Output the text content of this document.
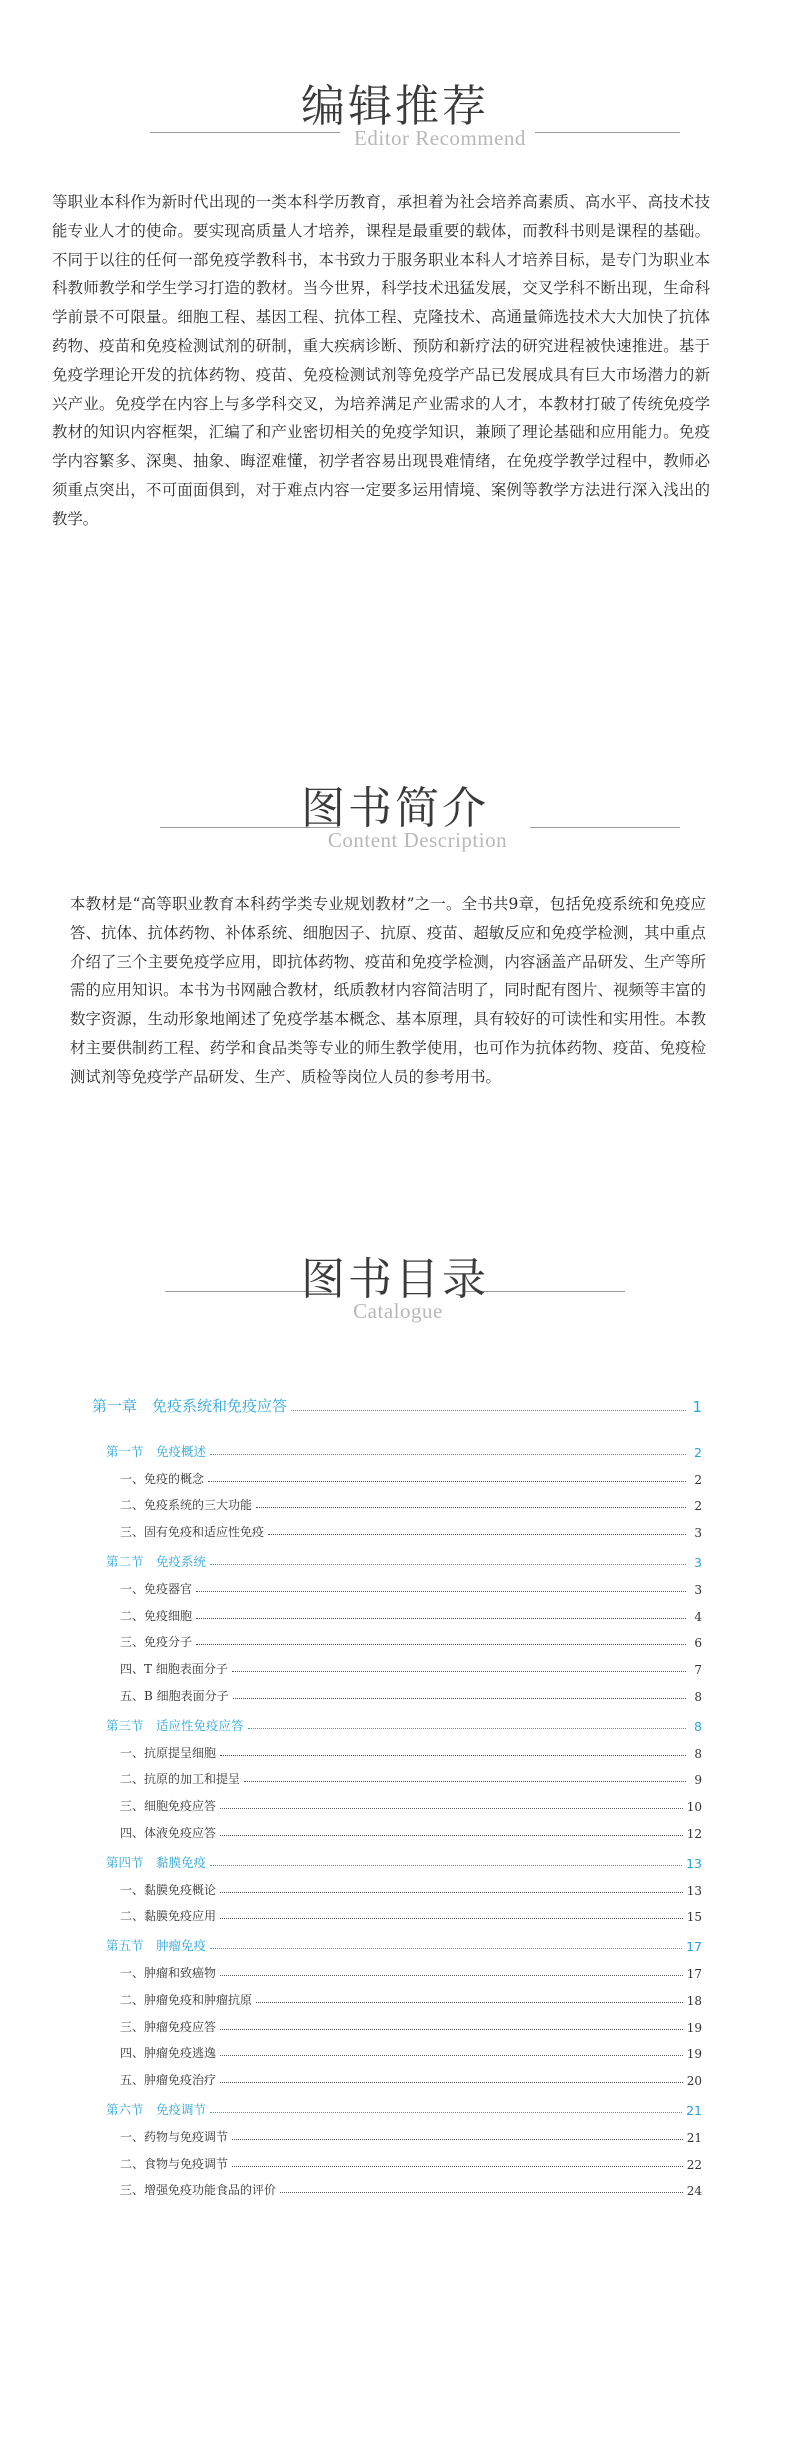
编辑推荐
Editor Recommend

等职业本科作为新时代出现的一类本科学历教育，承担着为社会培养高素质、高水平、高技术技能专业人才的使命。要实现高质量人才培养，课程是最重要的载体，而教科书则是课程的基础。不同于以往的任何一部免疫学教科书，本书致力于服务职业本科人才培养目标，是专门为职业本科教师教学和学生学习打造的教材。当今世界，科学技术迅猛发展，交叉学科不断出现，生命科学前景不可限量。细胞工程、基因工程、抗体工程、克隆技术、高通量筛选技术大大加快了抗体药物、疫苗和免疫检测试剂的研制，重大疾病诊断、预防和新疗法的研究进程被快速推进。基于免疫学理论开发的抗体药物、疫苗、免疫检测试剂等免疫学产品已发展成具有巨大市场潜力的新兴产业。免疫学在内容上与多学科交叉，为培养满足产业需求的人才，本教材打破了传统免疫学教材的知识内容框架，汇编了和产业密切相关的免疫学知识，兼顾了理论基础和应用能力。免疫学内容繁多、深奥、抽象、晦涩难懂，初学者容易出现畏难情绪，在免疫学教学过程中，教师必须重点突出，不可面面俱到，对于难点内容一定要多运用情境、案例等教学方法进行深入浅出的教学。

图书简介
Content Description

本教材是“高等职业教育本科药学类专业规划教材”之一。全书共9章，包括免疫系统和免疫应答、抗体、抗体药物、补体系统、细胞因子、抗原、疫苗、超敏反应和免疫学检测，其中重点介绍了三个主要免疫学应用，即抗体药物、疫苗和免疫学检测，内容涵盖产品研发、生产等所需的应用知识。本书为书网融合教材，纸质教材内容简洁明了，同时配有图片、视频等丰富的数字资源，生动形象地阐述了免疫学基本概念、基本原理，具有较好的可读性和实用性。本教材主要供制药工程、药学和食品类等专业的师生教学使用，也可作为抗体药物、疫苗、免疫检测试剂等免疫学产品研发、生产、质检等岗位人员的参考用书。

图书目录
Catalogue
第一章　免疫系统和免疫应答	1
第一节　免疫概述	2
一、免疫的概念	2
二、免疫系统的三大功能	2
三、固有免疫和适应性免疫	3
第二节　免疫系统	3
一、免疫器官	3
二、免疫细胞	4
三、免疫分子	6
四、T 细胞表面分子	7
五、B 细胞表面分子	8
第三节　适应性免疫应答	8
一、抗原提呈细胞	8
二、抗原的加工和提呈	9
三、细胞免疫应答	10
四、体液免疫应答	12
第四节　黏膜免疫	13
一、黏膜免疫概论	13
二、黏膜免疫应用	15
第五节　肿瘤免疫	17
一、肿瘤和致癌物	17
二、肿瘤免疫和肿瘤抗原	18
三、肿瘤免疫应答	19
四、肿瘤免疫逃逸	19
五、肿瘤免疫治疗	20
第六节　免疫调节	21
一、药物与免疫调节	21
二、食物与免疫调节	22
三、增强免疫功能食品的评价	24
